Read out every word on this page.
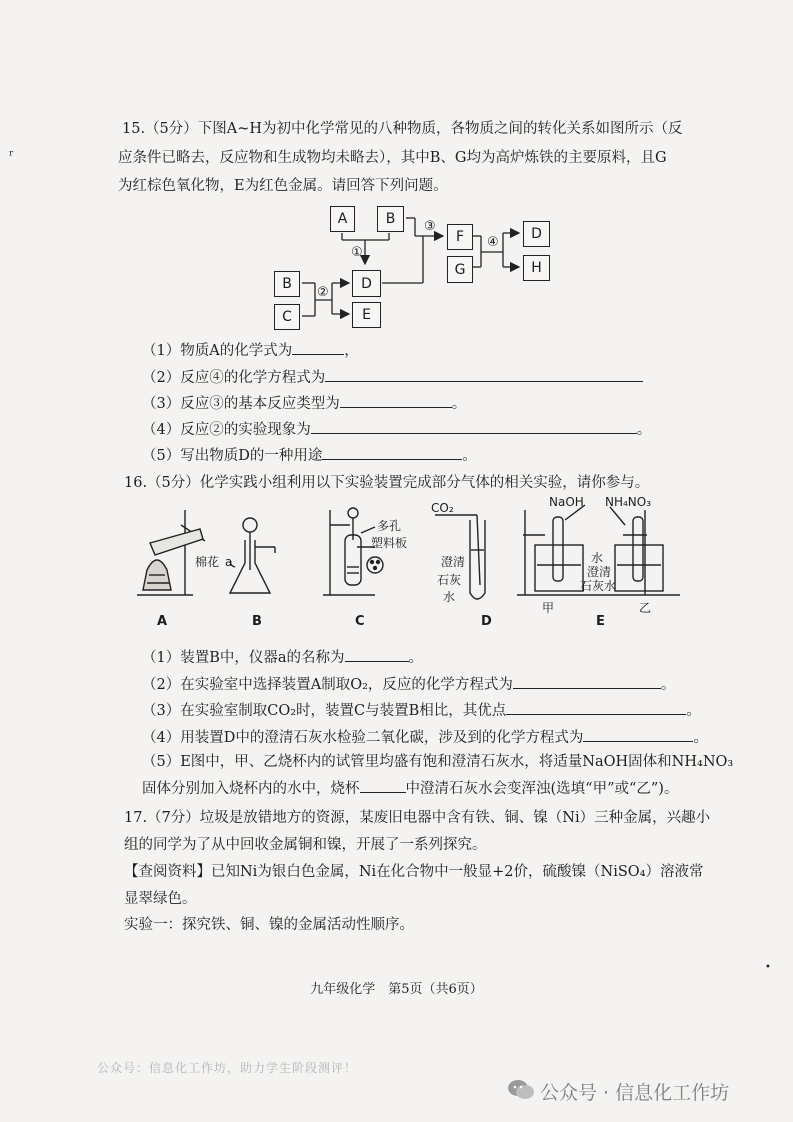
ʳ
•
15.（5分）下图A~H为初中化学常见的八种物质，各物质之间的转化关系如图所示（反
应条件已略去，反应物和生成物均未略去），其中B、G均为高炉炼铁的主要原料，且G
为红棕色氧化物，E为红色金属。请回答下列问题。
A	B
D
F	D
G	H
B
C	E
①
②
③
④
（1）物质A的化学式为	，
（2）反应④的化学方程式为
（3）反应③的基本反应类型为	。
（4）反应②的实验现象为	。
（5）写出物质D的一种用途	。
16.（5分）化学实践小组利用以下实验装置完成部分气体的相关实验，请你参与。
棉花 a
多孔
塑料板
CO₂
澄清
石灰
水
NaOH NH₄NO₃
水
澄清
石灰水
甲	乙
A	B	C	D	E
（1）装置B中，仪器a的名称为	。
（2）在实验室中选择装置A制取O₂，反应的化学方程式为	。
（3）在实验室制取CO₂时，装置C与装置B相比，其优点	。
（4）用装置D中的澄清石灰水检验二氧化碳，涉及到的化学方程式为	。
（5）E图中，甲、乙烧杯内的试管里均盛有饱和澄清石灰水，将适量NaOH固体和NH₄NO₃
固体分别加入烧杯内的水中，烧杯	中澄清石灰水会变浑浊(选填“甲”或“乙”)。
17.（7分）垃圾是放错地方的资源，某废旧电器中含有铁、铜、镍（Ni）三种金属，兴趣小
组的同学为了从中回收金属铜和镍，开展了一系列探究。
【查阅资料】已知Ni为银白色金属，Ni在化合物中一般显+2价，硫酸镍（NiSO₄）溶液常
显翠绿色。
实验一：探究铁、铜、镍的金属活动性顺序。
九年级化学　第5页（共6页）
公众号：信息化工作坊，助力学生阶段测评！
公众号 · 信息化工作坊
